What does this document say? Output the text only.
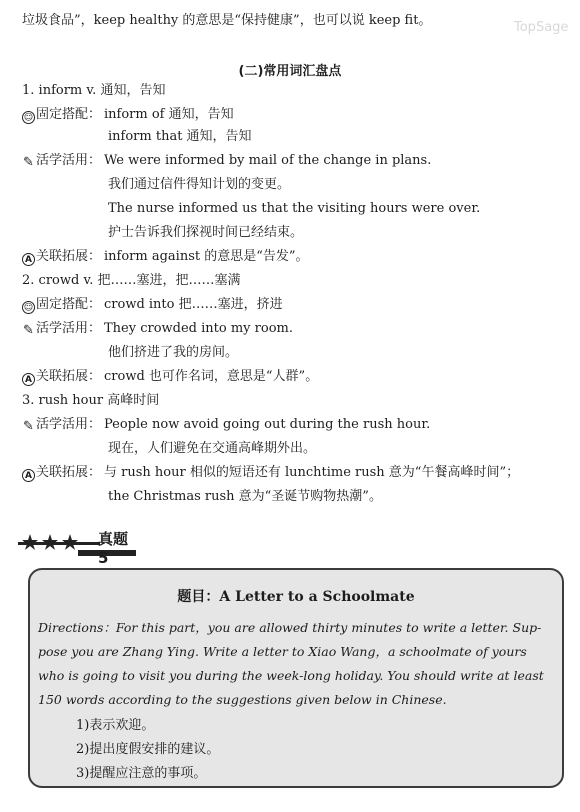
TopSage
垃圾食品”，keep healthy 的意思是“保持健康”，也可以说 keep fit。
(二)常用词汇盘点
1. inform v. 通知，告知
☺ 固定搭配： inform of 通知，告知
inform that 通知，告知
✎ 活学活用： We were informed by mail of the change in plans.
我们通过信件得知计划的变更。
The nurse informed us that the visiting hours were over.
护士告诉我们探视时间已经结束。
A 关联拓展： inform against 的意思是“告发”。
2. crowd v. 把……塞进，把……塞满
☺ 固定搭配： crowd into 把……塞进，挤进
✎ 活学活用： They crowded into my room.
他们挤进了我的房间。
A 关联拓展： crowd 也可作名词，意思是“人群”。
3. rush hour 高峰时间
✎ 活学活用： People now avoid going out during the rush hour.
现在，人们避免在交通高峰期外出。
A 关联拓展： 与 rush hour 相似的短语还有 lunchtime rush 意为“午餐高峰时间”；
the Christmas rush 意为“圣诞节购物热潮”。
真题5
题目：A Letter to a Schoolmate
Directions：For this part，you are allowed thirty minutes to write a letter. Sup-
pose you are Zhang Ying. Write a letter to Xiao Wang，a schoolmate of yours
who is going to visit you during the week-long holiday. You should write at least
150 words according to the suggestions given below in Chinese.
1)表示欢迎。
2)提出度假安排的建议。
3)提醒应注意的事项。
